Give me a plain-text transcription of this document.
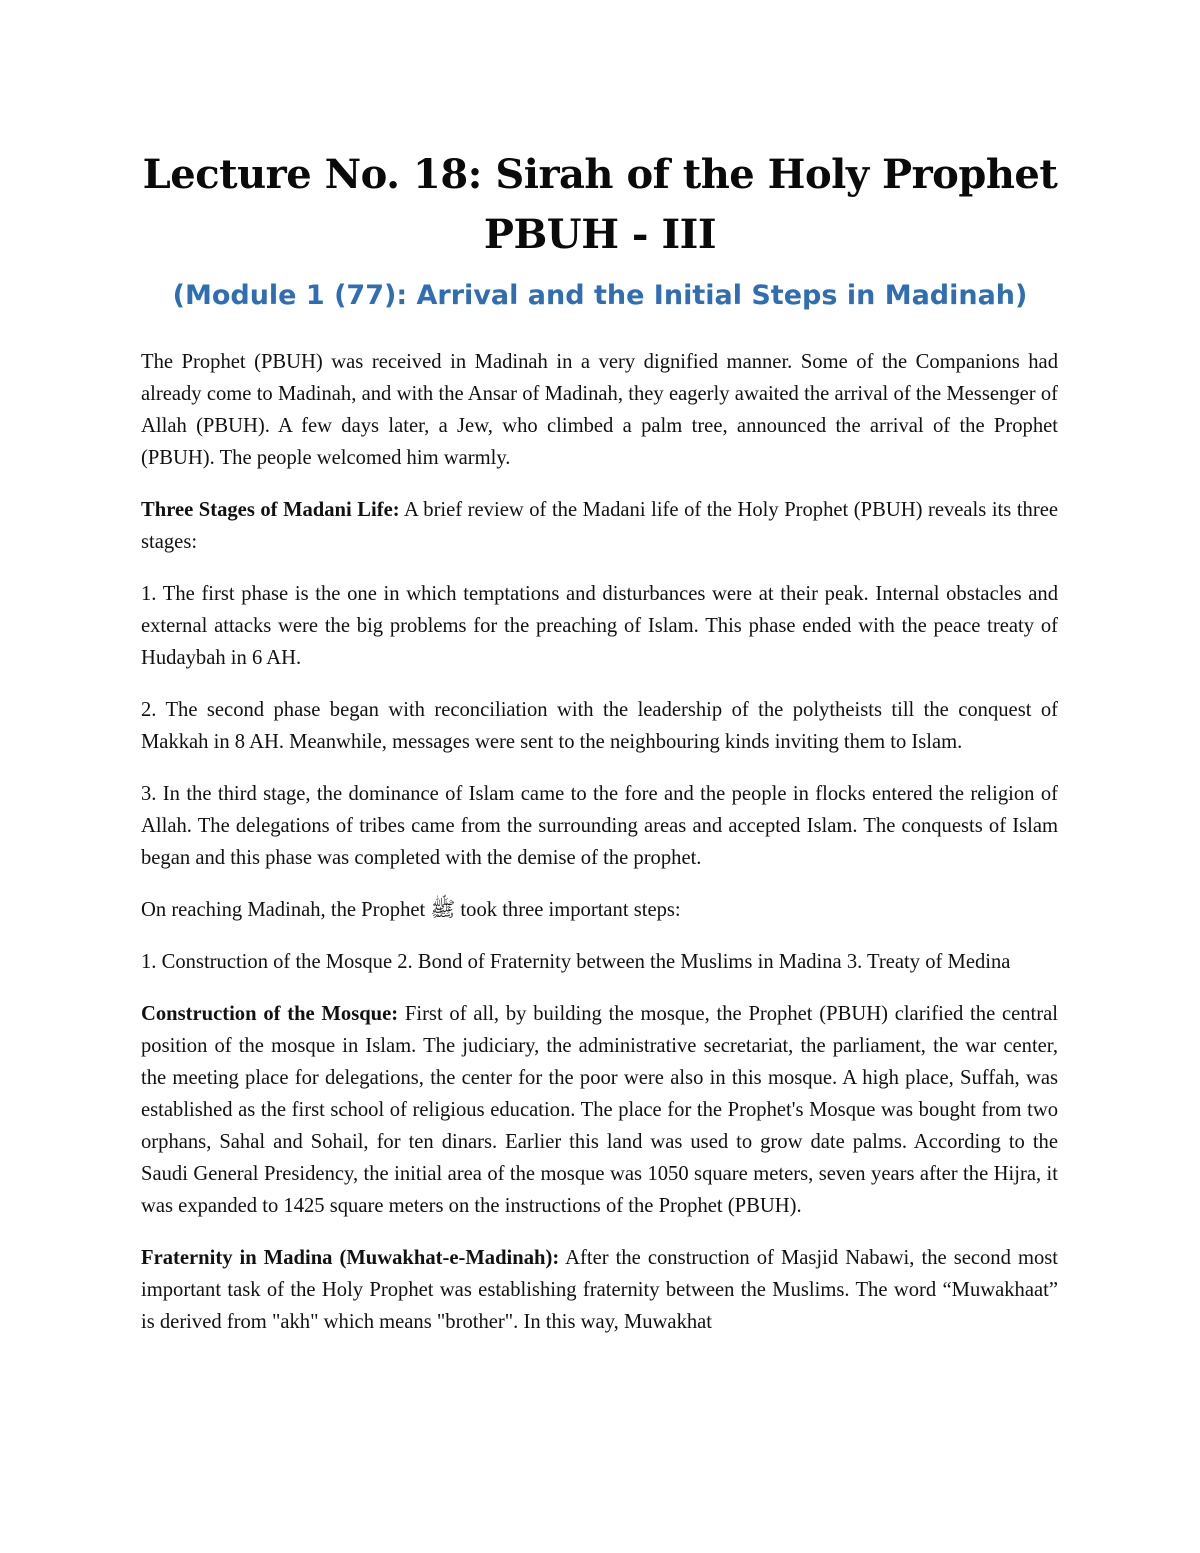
Lecture No. 18: Sirah of the Holy Prophet
PBUH - III
(Module 1 (77): Arrival and the Initial Steps in Madinah)

The Prophet (PBUH) was received in Madinah in a very dignified manner. Some of the Companions had already come to Madinah, and with the Ansar of Madinah, they eagerly awaited the arrival of the Messenger of Allah (PBUH). A few days later, a Jew, who climbed a palm tree, announced the arrival of the Prophet (PBUH). The people welcomed him warmly.

Three Stages of Madani Life: A brief review of the Madani life of the Holy Prophet (PBUH) reveals its three stages:

1. The first phase is the one in which temptations and disturbances were at their peak. Internal obstacles and external attacks were the big problems for the preaching of Islam. This phase ended with the peace treaty of Hudaybah in 6 AH.

2. The second phase began with reconciliation with the leadership of the polytheists till the conquest of Makkah in 8 AH. Meanwhile, messages were sent to the neighbouring kinds inviting them to Islam.

3. In the third stage, the dominance of Islam came to the fore and the people in flocks entered the religion of Allah. The delegations of tribes came from the surrounding areas and accepted Islam. The conquests of Islam began and this phase was completed with the demise of the prophet.

On reaching Madinah, the Prophet ﷺ took three important steps:

1. Construction of the Mosque 2. Bond of Fraternity between the Muslims in Madina 3. Treaty of Medina

Construction of the Mosque: First of all, by building the mosque, the Prophet (PBUH) clarified the central position of the mosque in Islam. The judiciary, the administrative secretariat, the parliament, the war center, the meeting place for delegations, the center for the poor were also in this mosque. A high place, Suffah, was established as the first school of religious education. The place for the Prophet's Mosque was bought from two orphans, Sahal and Sohail, for ten dinars. Earlier this land was used to grow date palms. According to the Saudi General Presidency, the initial area of the mosque was 1050 square meters, seven years after the Hijra, it was expanded to 1425 square meters on the instructions of the Prophet (PBUH).

Fraternity in Madina (Muwakhat-e-Madinah): After the construction of Masjid Nabawi, the second most important task of the Holy Prophet was establishing fraternity between the Muslims. The word “Muwakhaat” is derived from "akh" which means "brother". In this way, Muwakhat
